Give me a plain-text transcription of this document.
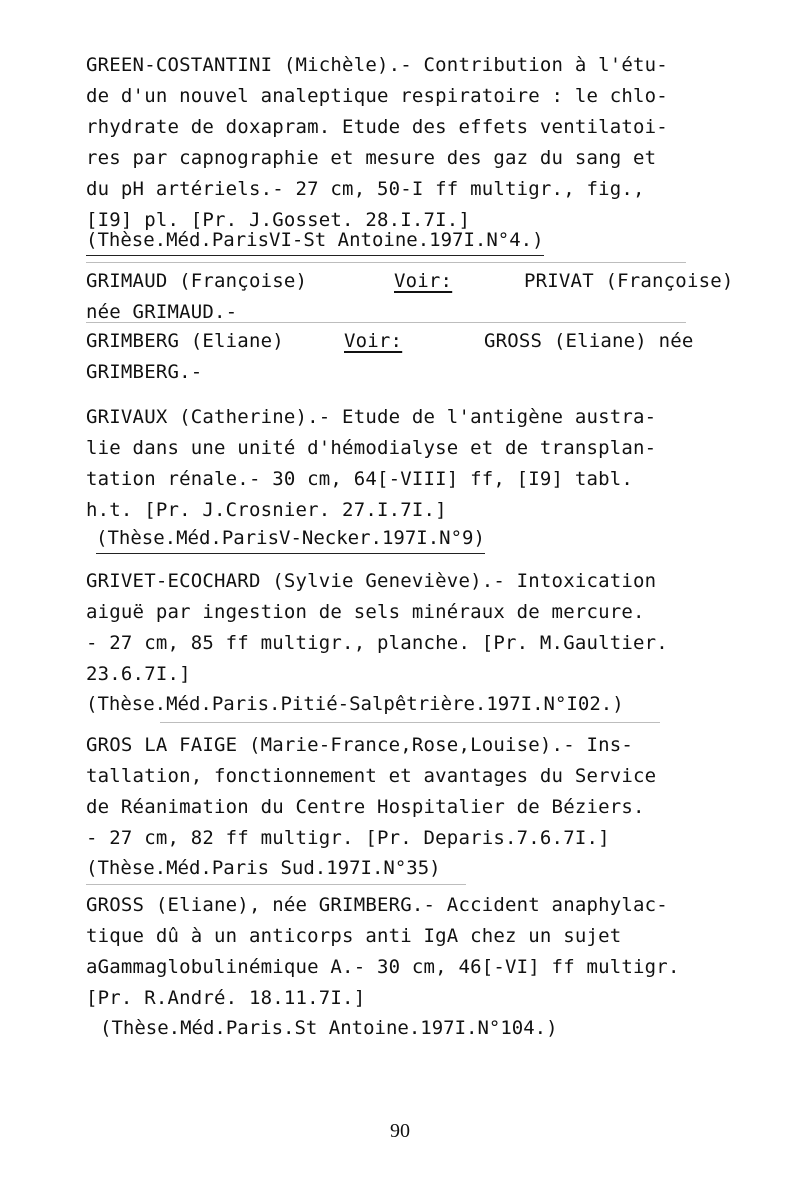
GREEN-COSTANTINI (Michèle).- Contribution à l'étu-
de d'un nouvel analeptique respiratoire : le chlo-
rhydrate de doxapram. Etude des effets ventilatoi-
res par capnographie et mesure des gaz du sang et
du pH artériels.- 27 cm, 50-I ff multigr., fig.,
[I9] pl. [Pr. J.Gosset. 28.I.7I.]
(Thèse.Méd.ParisVI-St Antoine.197I.N°4.)
GRIMAUD (Françoise)	Voir:	PRIVAT (Françoise)
née GRIMAUD.-
GRIMBERG (Eliane)	Voir:	GROSS (Eliane) née
GRIMBERG.-
GRIVAUX (Catherine).- Etude de l'antigène austra-
lie dans une unité d'hémodialyse et de transplan-
tation rénale.- 30 cm, 64[-VIII] ff, [I9] tabl.
h.t. [Pr. J.Crosnier. 27.I.7I.]
(Thèse.Méd.ParisV-Necker.197I.N°9)
GRIVET-ECOCHARD (Sylvie Geneviève).- Intoxication
aiguë par ingestion de sels minéraux de mercure.
- 27 cm, 85 ff multigr., planche. [Pr. M.Gaultier.
23.6.7I.]
(Thèse.Méd.Paris.Pitié-Salpêtrière.197I.N°I02.)
GROS LA FAIGE (Marie-France,Rose,Louise).- Ins-
tallation, fonctionnement et avantages du Service
de Réanimation du Centre Hospitalier de Béziers.
- 27 cm, 82 ff multigr. [Pr. Deparis.7.6.7I.]
(Thèse.Méd.Paris Sud.197I.N°35)
GROSS (Eliane), née GRIMBERG.- Accident anaphylac-
tique dû à un anticorps anti IgA chez un sujet
aGammaglobulinémique A.- 30 cm, 46[-VI] ff multigr.
[Pr. R.André. 18.11.7I.]
(Thèse.Méd.Paris.St Antoine.197I.N°104.)
90
